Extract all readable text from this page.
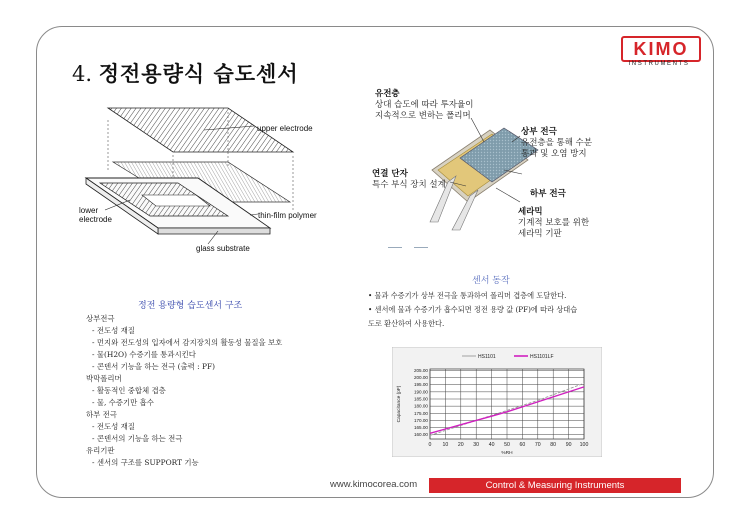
4. 정전용량식 습도센서
KIMO
INSTRUMENTS
upper electrode
lower
electrode	thin-film polymer
glass substrate
정전 용량형 습도센서 구조
상부전극
- 전도성 재질
- 먼지와 전도성의 입자에서 감지장치의 활동성 물질을 보호
- 물(H2O) 수증기를 통과시킨다
- 콘덴서 기능을 하는 전극 (출력 : PF)
박막폴리머
- 활동적인 중합체 겹층
- 물, 수증기만 흡수
하부 전극
- 전도성 재질
- 콘덴서의 기능을 하는 전극
유리기판
- 센서의 구조를 SUPPORT 기능
유전층
상대 습도에 따라 투자율이
지속적으로 변하는 폴리머
상부 전극
유전층을 통해 수분
통과 및 오염 방지
연결 단자
특수 부식 장치 설계
하부 전극
세라믹
기계적 보호를 위한
세라믹 기판
센서 동작
• 물과 수증기가 상부 전극을 통과하여 폴리머 겹층에 도달한다.
• 센서에 물과 수증기가 흡수되면 정전 용량 값 (PF)에 따라 상대습
도로 환산하여 사용한다.
205.00
200.00
195.00
190.00
185.00
180.00
175.00
170.00
165.00
160.00
0 10 20 30 40 50 60 70 80 90 100
%RH
Capacitance (pF)
HS1101	HS1101LF
www.kimocorea.com	Control & Measuring Instruments
